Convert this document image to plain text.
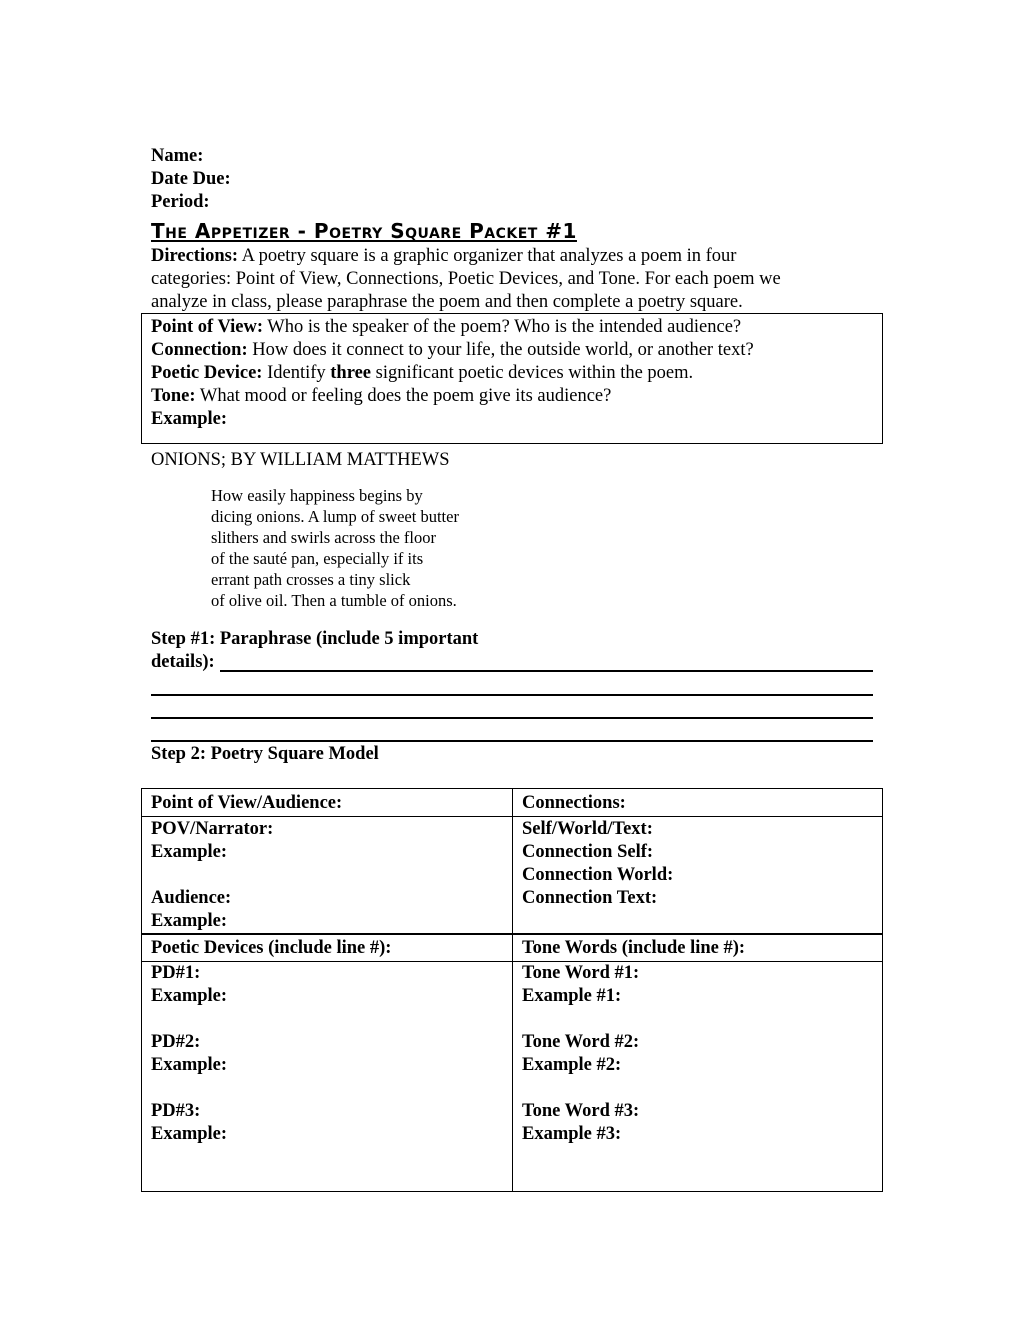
Name:
Date Due:
Period:
The Appetizer - Poetry Square Packet #1
Directions: A poetry square is a graphic organizer that analyzes a poem in four
categories: Point of View, Connections, Poetic Devices, and Tone. For each poem we
analyze in class, please paraphrase the poem and then complete a poetry square.
Point of View: Who is the speaker of the poem? Who is the intended audience?
Connection: How does it connect to your life, the outside world, or another text?
Poetic Device: Identify three significant poetic devices within the poem.
Tone: What mood or feeling does the poem give its audience?
Example:
ONIONS; BY WILLIAM MATTHEWS
How easily happiness begins by
dicing onions. A lump of sweet butter
slithers and swirls across the floor
of the sauté pan, especially if its
errant path crosses a tiny slick
of olive oil. Then a tumble of onions.
Step #1: Paraphrase (include 5 important
details):
Step 2: Poetry Square Model
Point of View/Audience:	Connections:
POV/Narrator:
Example:
Audience:
Example:
Self/World/Text:
Connection Self:
Connection World:
Connection Text:
Poetic Devices (include line #):	Tone Words (include line #):
PD#1:
Example:
PD#2:
Example:
PD#3:
Example:
Tone Word #1:
Example #1:
Tone Word #2:
Example #2:
Tone Word #3:
Example #3:
